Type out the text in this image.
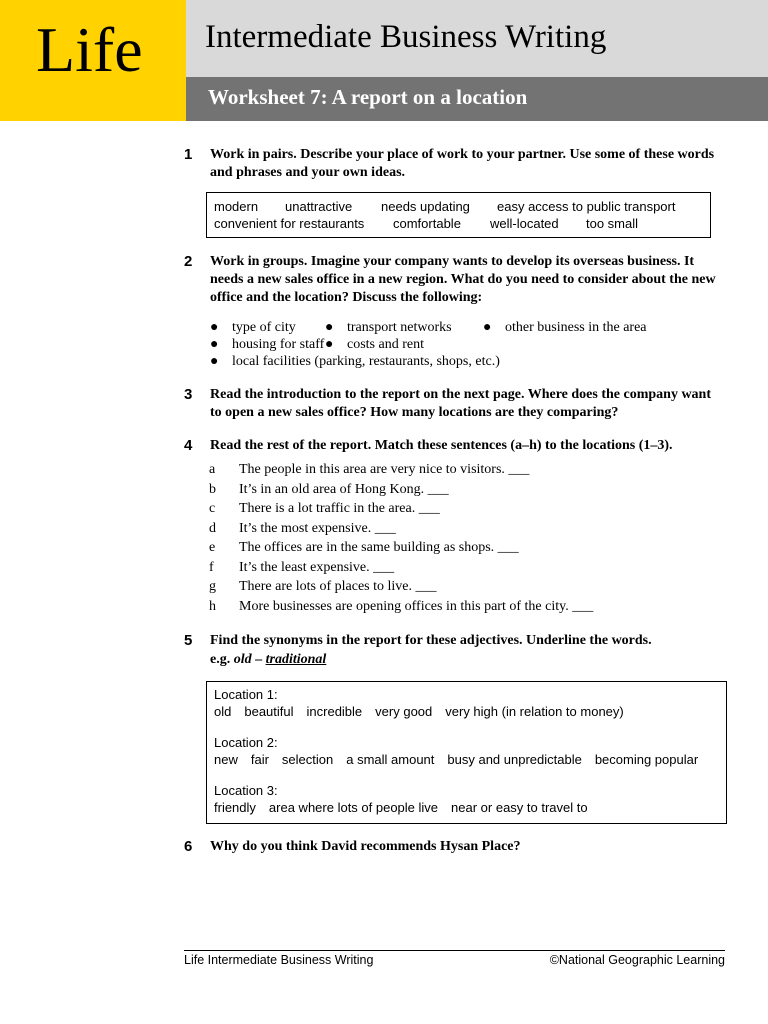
Life Intermediate Business Writing
Worksheet 7: A report on a location
1 Work in pairs. Describe your place of work to your partner. Use some of these words and phrases and your own ideas.
modern unattractive needs updating easy access to public transport
convenient for restaurants comfortable well-located too small
2 Work in groups. Imagine your company wants to develop its overseas business. It needs a new sales office in a new region. What do you need to consider about the new office and the location? Discuss the following:
● type of city ● transport networks ● other business in the area
● housing for staff ● costs and rent
● local facilities (parking, restaurants, shops, etc.)
3 Read the introduction to the report on the next page. Where does the company want to open a new sales office? How many locations are they comparing?
4 Read the rest of the report. Match these sentences (a–h) to the locations (1–3).
a	The people in this area are very nice to visitors. ___
b	It’s in an old area of Hong Kong. ___
c	There is a lot traffic in the area. ___
d	It’s the most expensive. ___
e	The offices are in the same building as shops. ___
f	It’s the least expensive. ___
g	There are lots of places to live. ___
h	More businesses are opening offices in this part of the city. ___
5 Find the synonyms in the report for these adjectives. Underline the words.
e.g. old – traditional
Location 1:
old beautiful incredible very good very high (in relation to money)
Location 2:
new fair selection a small amount busy and unpredictable becoming popular
Location 3:
friendly area where lots of people live near or easy to travel to
6 Why do you think David recommends Hysan Place?
Life Intermediate Business Writing	©National Geographic Learning
